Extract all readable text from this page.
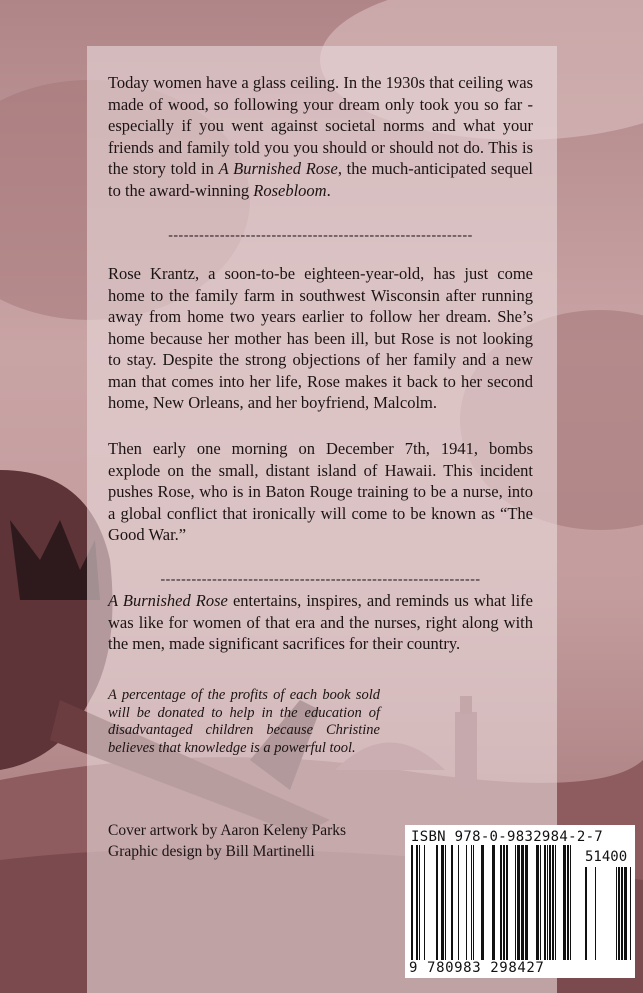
Today women have a glass ceiling. In the 1930s that ceiling was made of wood, so following your dream only took you so far - especially if you went against societal norms and what your friends and family told you you should or should not do. This is the story told in A Burnished Rose, the much-anticipated sequel to the award-winning Rosebloom.
-----------------------------------------------------------
Rose Krantz, a soon-to-be eighteen-year-old, has just come home to the family farm in southwest Wisconsin after running away from home two years earlier to follow her dream. She’s home because her mother has been ill, but Rose is not looking to stay. Despite the strong objections of her family and a new man that comes into her life, Rose makes it back to her second home, New Orleans, and her boyfriend, Malcolm.
Then early one morning on December 7th, 1941, bombs explode on the small, distant island of Hawaii. This incident pushes Rose, who is in Baton Rouge training to be a nurse, into a global conflict that ironically will come to be known as “The Good War.”
--------------------------------------------------------------
A Burnished Rose entertains, inspires, and reminds us what life was like for women of that era and the nurses, right along with the men, made significant sacrifices for their country.
A percentage of the profits of each book sold will be donated to help in the education of disadvantaged children because Christine believes that knowledge is a powerful tool.
Cover artwork by Aaron Keleny Parks
Graphic design by Bill Martinelli
ISBN 978-0-9832984-2-7
51400
9 780983 298427
